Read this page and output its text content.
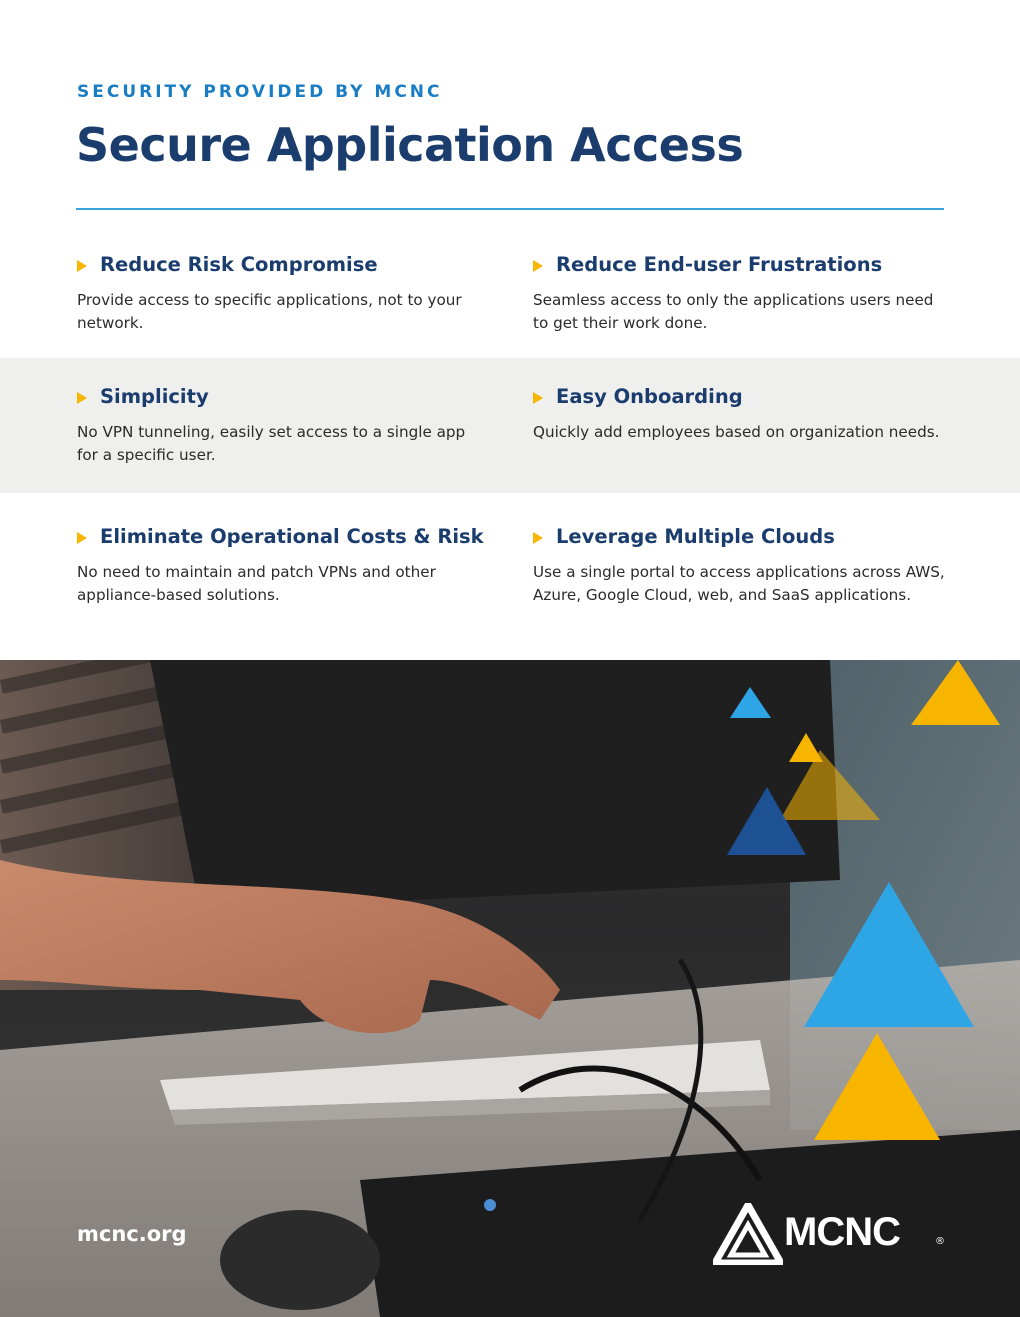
SECURITY PROVIDED BY MCNC
Secure Application Access
Reduce Risk Compromise

Provide access to specific applications, not to your network.

Reduce End-user Frustrations

Seamless access to only the applications users need to get their work done.

Simplicity

No VPN tunneling, easily set access to a single app for a specific user.

Easy Onboarding

Quickly add employees based on organization needs.

Eliminate Operational Costs & Risk

No need to maintain and patch VPNs and other appliance-based solutions.

Leverage Multiple Clouds

Use a single portal to access applications across AWS, Azure, Google Cloud, web, and SaaS applications.

mcnc.org	MCNC	®
